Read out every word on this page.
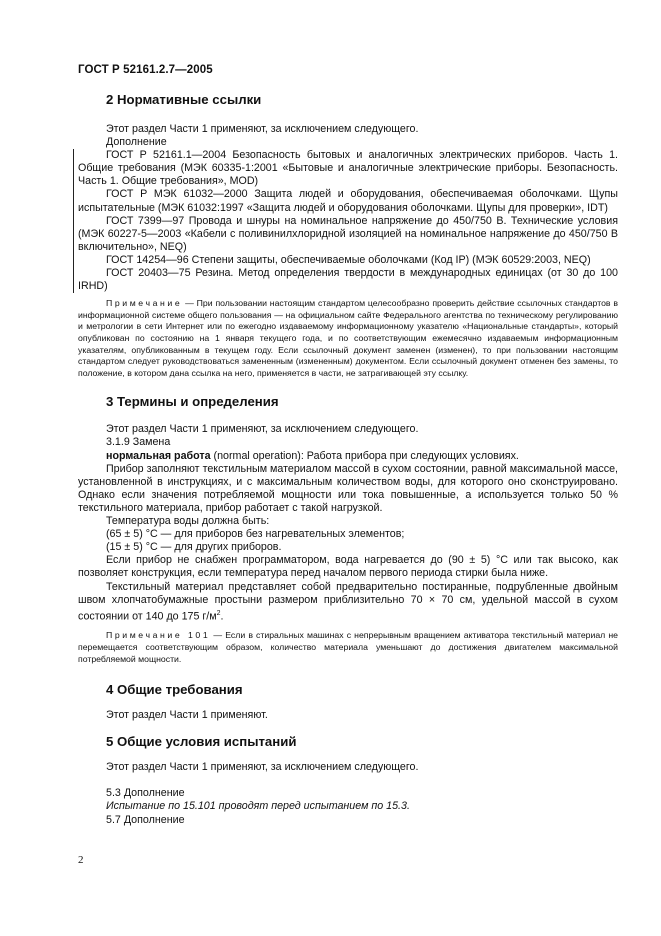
ГОСТ Р 52161.2.7—2005
2 Нормативные ссылки

Этот раздел Части 1 применяют, за исключением следующего.

Дополнение

ГОСТ Р 52161.1—2004 Безопасность бытовых и аналогичных электрических приборов. Часть 1. Общие требования (МЭК 60335-1:2001 «Бытовые и аналогичные электрические приборы. Безопасность. Часть 1. Общие требования», MOD)

ГОСТ Р МЭК 61032—2000 Защита людей и оборудования, обеспечиваемая оболочками. Щупы испытательные (МЭК 61032:1997 «Защита людей и оборудования оболочками. Щупы для проверки», IDT)

ГОСТ 7399—97 Провода и шнуры на номинальное напряжение до 450/750 В. Технические условия (МЭК 60227-5—2003 «Кабели с поливинилхлоридной изоляцией на номинальное напряжение до 450/750 В включительно», NEQ)

ГОСТ 14254—96 Степени защиты, обеспечиваемые оболочками (Код IP) (МЭК 60529:2003, NEQ)

ГОСТ 20403—75 Резина. Метод определения твердости в международных единицах (от 30 до 100 IRHD)

Примечание — При пользовании настоящим стандартом целесообразно проверить действие ссылочных стандартов в информационной системе общего пользования — на официальном сайте Федерального агентства по техническому регулированию и метрологии в сети Интернет или по ежегодно издаваемому информационному указателю «Национальные стандарты», который опубликован по состоянию на 1 января текущего года, и по соответствующим ежемесячно издаваемым информационным указателям, опубликованным в текущем году. Если ссылочный документ заменен (изменен), то при пользовании настоящим стандартом следует руководствоваться замененным (измененным) документом. Если ссылочный документ отменен без замены, то положение, в котором дана ссылка на него, применяется в части, не затрагивающей эту ссылку.

3 Термины и определения

Этот раздел Части 1 применяют, за исключением следующего.

3.1.9 Замена

нормальная работа (normal operation): Работа прибора при следующих условиях.

Прибор заполняют текстильным материалом массой в сухом состоянии, равной максимальной массе, установленной в инструкциях, и с максимальным количеством воды, для которого оно сконструировано. Однако если значения потребляемой мощности или тока повышенные, а используется только 50 % текстильного материала, прибор работает с такой нагрузкой.

Температура воды должна быть:

(65 ± 5) °С — для приборов без нагревательных элементов;

(15 ± 5) °С — для других приборов.

Если прибор не снабжен программатором, вода нагревается до (90 ± 5) °С или так высоко, как позволяет конструкция, если температура перед началом первого периода стирки была ниже.

Текстильный материал представляет собой предварительно постиранные, подрубленные двойным швом хлопчатобумажные простыни размером приблизительно 70 × 70 см, удельной массой в сухом состоянии от 140 до 175 $г/м^2$.

Примечание 101 — Если в стиральных машинах с непрерывным вращением активатора текстильный материал не перемещается соответствующим образом, количество материала уменьшают до достижения двигателем максимальной потребляемой мощности.

4 Общие требования

Этот раздел Части 1 применяют.

5 Общие условия испытаний

Этот раздел Части 1 применяют, за исключением следующего.

5.3 Дополнение

Испытание по 15.101 проводят перед испытанием по 15.3.

5.7 Дополнение

2
